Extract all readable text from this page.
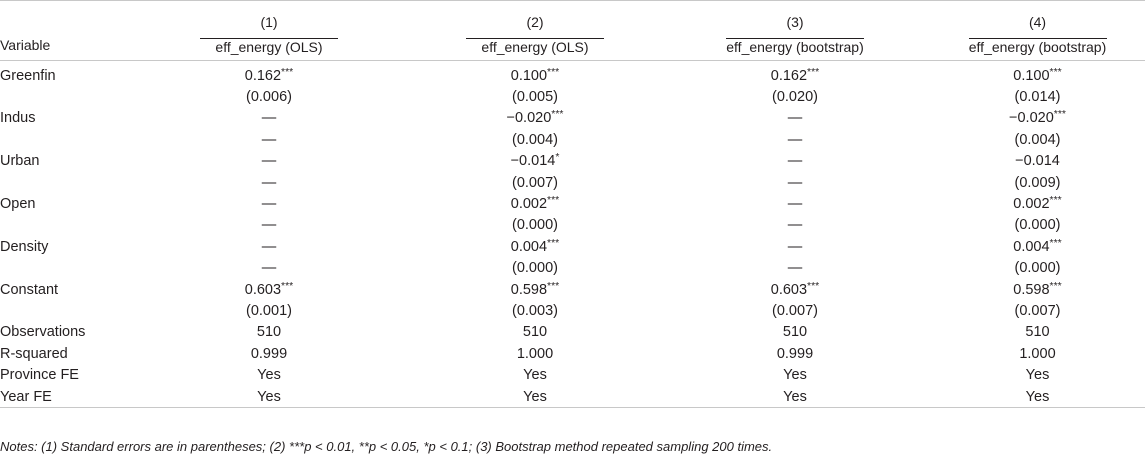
	(1)	(2)	(3)	(4)
Variable	eff_energy (OLS)	eff_energy (OLS)	eff_energy (bootstrap)	eff_energy (bootstrap)

Greenfin	0.162***	0.100***	0.162***	0.100***
	(0.006)	(0.005)	(0.020)	(0.014)
Indus	—	−0.020***	—	−0.020***
	—	(0.004)	—	(0.004)
Urban	—	−0.014*	—	−0.014
	—	(0.007)	—	(0.009)
Open	—	0.002***	—	0.002***
	—	(0.000)	—	(0.000)
Density	—	0.004***	—	0.004***
	—	(0.000)	—	(0.000)
Constant	0.603***	0.598***	0.603***	0.598***
	(0.001)	(0.003)	(0.007)	(0.007)
Observations	510	510	510	510
R-squared	0.999	1.000	0.999	1.000
Province FE	Yes	Yes	Yes	Yes
Year FE	Yes	Yes	Yes	Yes

Notes: (1) Standard errors are in parentheses; (2) ***p < 0.01, **p < 0.05, *p < 0.1; (3) Bootstrap method repeated sampling 200 times.
